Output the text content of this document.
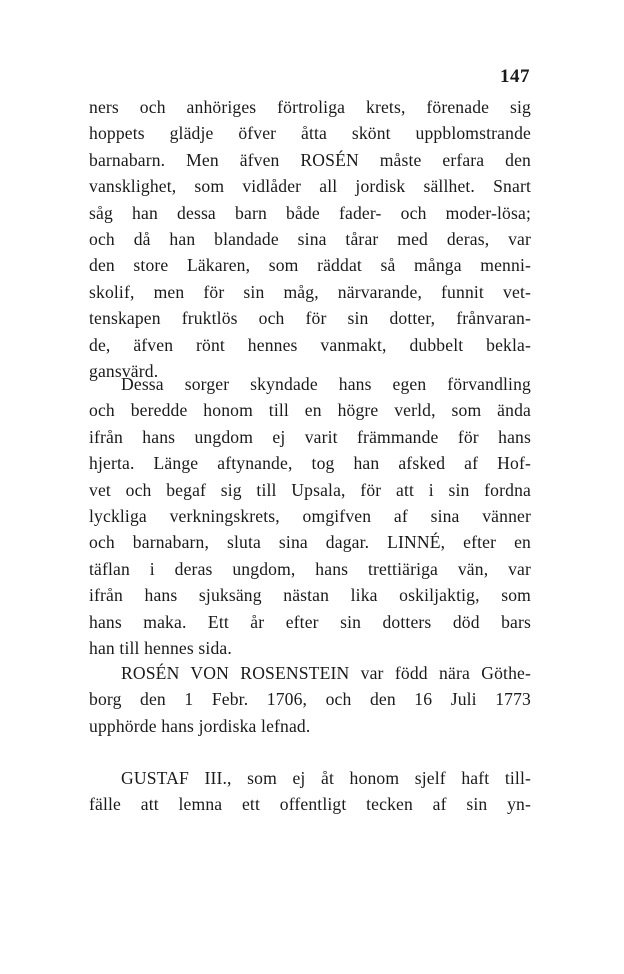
147
ners och anhöriges förtroliga krets, förenade sig
hoppets glädje öfver åtta skönt uppblomstrande
barnabarn. Men äfven ROSÉN måste erfara den
vansklighet, som vidlåder all jordisk sällhet. Snart
såg han dessa barn både fader- och moder-lösa;
och då han blandade sina tårar med deras, var
den store Läkaren, som räddat så många menni-
skolif, men för sin måg, närvarande, funnit vet-
tenskapen fruktlös och för sin dotter, frånvaran-
de, äfven rönt hennes vanmakt, dubbelt bekla-
gansvärd.
Dessa sorger skyndade hans egen förvandling
och beredde honom till en högre verld, som ända
ifrån hans ungdom ej varit främmande för hans
hjerta. Länge aftynande, tog han afsked af Hof-
vet och begaf sig till Upsala, för att i sin fordna
lyckliga verkningskrets, omgifven af sina vänner
och barnabarn, sluta sina dagar. LINNÉ, efter en
täflan i deras ungdom, hans trettiäriga vän, var
ifrån hans sjuksäng nästan lika oskiljaktig, som
hans maka. Ett år efter sin dotters död bars
han till hennes sida.
ROSÉN VON ROSENSTEIN var född nära Göthe-
borg den 1 Febr. 1706, och den 16 Juli 1773
upphörde hans jordiska lefnad.
GUSTAF III., som ej åt honom sjelf haft till-
fälle att lemna ett offentligt tecken af sin yn-
